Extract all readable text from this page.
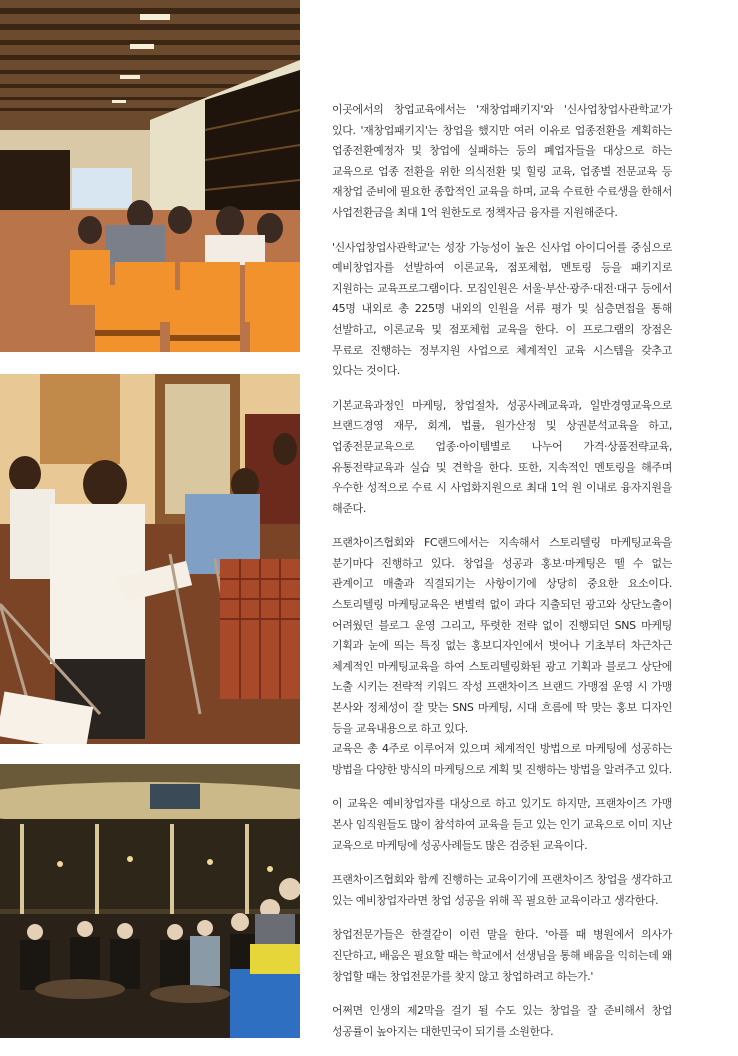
이곳에서의 창업교육에서는 '재창업패키지'와 '신사업창업사관학교'가 있다. '재창업패키지'는 창업을 했지만 여러 이유로 업종전환을 계획하는 업종전환예정자 및 창업에 실패하는 등의 폐업자들을 대상으로 하는 교육으로 업종 전환을 위한 의식전환 및 힐링 교육, 업종별 전문교육 등 재창업 준비에 필요한 종합적인 교육을 하며, 교육 수료한 수료생을 한해서 사업전환금을 최대 1억 원한도로 정책자금 융자를 지원해준다.

'신사업창업사관학교'는 성장 가능성이 높은 신사업 아이디어를 중심으로 예비창업자를 선발하여 이론교육, 점포체험, 멘토링 등을 패키지로 지원하는 교육프로그램이다. 모집인원은 서울·부산·광주·대전·대구 등에서 45명 내외로 총 225명 내외의 인원을 서류 평가 및 심층면접을 통해 선발하고, 이론교육 및 점포체험 교육을 한다. 이 프로그램의 장점은 무료로 진행하는 정부지원 사업으로 체계적인 교육 시스템을 갖추고 있다는 것이다.

기본교육과정인 마케팅, 창업절차, 성공사례교육과, 일반경영교육으로 브랜드경영 재무, 회계, 법률, 원가산정 및 상권분석교육을 하고, 업종전문교육으로 업종·아이템별로 나누어 가격·상품전략교육, 유통전략교육과 실습 및 견학을 한다. 또한, 지속적인 멘토링을 해주며 우수한 성적으로 수료 시 사업화지원으로 최대 1억 원 이내로 융자지원을 해준다.

프랜차이즈협회와 FC랜드에서는 지속해서 스토리텔링 마케팅교육을 분기마다 진행하고 있다. 창업을 성공과 홍보·마케팅은 뗄 수 없는 관계이고 매출과 직결되기는 사항이기에 상당히 중요한 요소이다. 스토리텔링 마케팅교육은 변별력 없이 과다 지출되던 광고와 상단노출이 어려웠던 블로그 운영 그리고, 뚜렷한 전략 없이 진행되던 SNS 마케팅 기획과 눈에 띄는 특징 없는 홍보디자인에서 벗어나 기초부터 차근차근 체계적인 마케팅교육을 하여 스토리텔링화된 광고 기획과 블로그 상단에 노출 시키는 전략적 키워드 작성 프랜차이즈 브랜드 가맹점 운영 시 가맹 본사와 정체성이 잘 맞는 SNS 마케팅, 시대 흐름에 딱 맞는 홍보 디자인 등을 교육내용으로 하고 있다.

교육은 총 4주로 이루어져 있으며 체계적인 방법으로 마케팅에 성공하는 방법을 다양한 방식의 마케팅으로 계획 및 진행하는 방법을 알려주고 있다.

이 교육은 예비창업자를 대상으로 하고 있기도 하지만, 프랜차이즈 가맹 본사 임직원들도 많이 참석하여 교육을 듣고 있는 인기 교육으로 이미 지난 교육으로 마케팅에 성공사례들도 많은 검증된 교육이다.

프랜차이즈협회와 함께 진행하는 교육이기에 프랜차이즈 창업을 생각하고 있는 예비창업자라면 창업 성공을 위해 꼭 필요한 교육이라고 생각한다.

창업전문가들은 한결같이 이런 말을 한다. '아플 때 병원에서 의사가 진단하고, 배움은 필요할 때는 학교에서 선생님을 통해 배움을 익히는데 왜 창업할 때는 창업전문가를 찾지 않고 창업하려고 하는가.'

어쩌면 인생의 제2막을 걸기 될 수도 있는 창업을 잘 준비해서 창업 성공률이 높아지는 대한민국이 되기를 소원한다.
